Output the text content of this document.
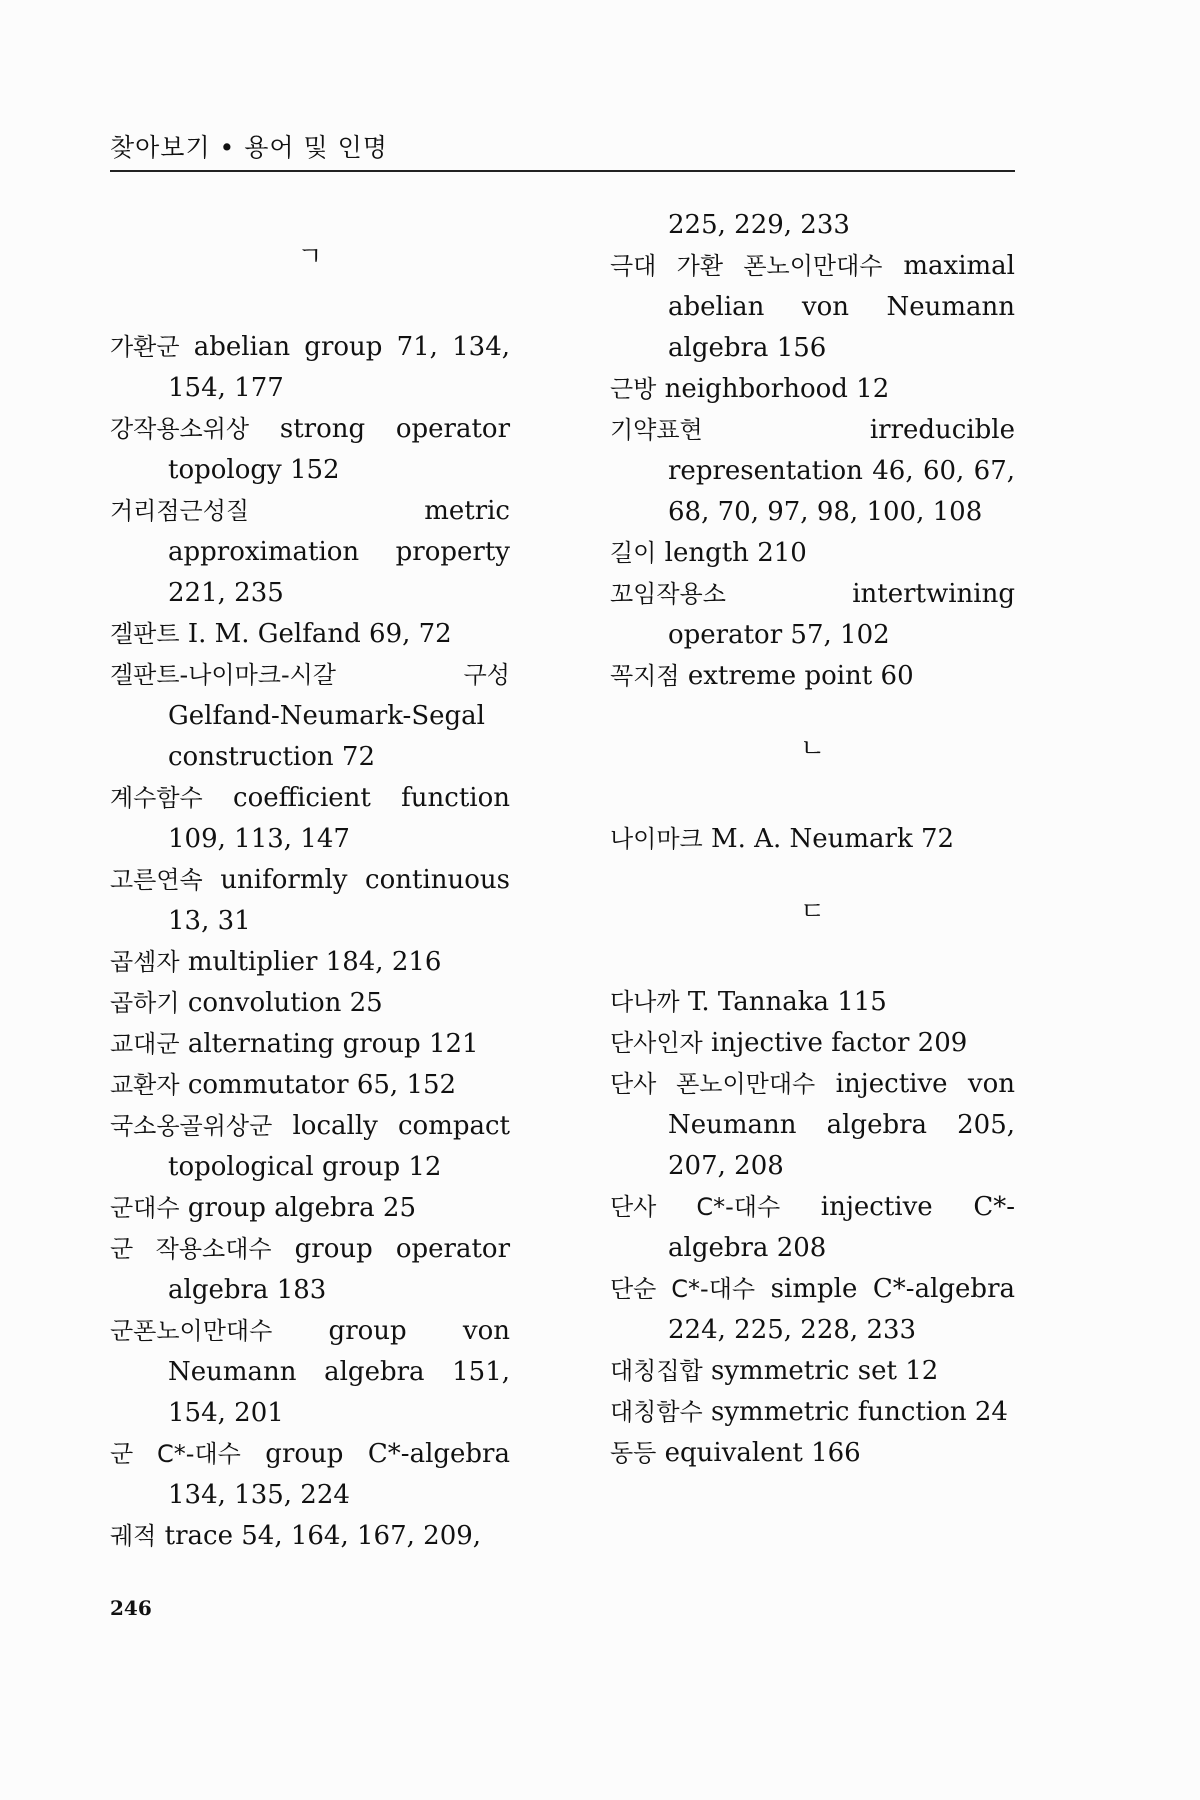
찾아보기 • 용어 및 인명
ㄱ
가환군 abelian group 71, 134, 154, 177
강작용소위상 strong operator topology 152
거리점근성질	metric approximation property 221, 235
겔판트 I. M. Gelfand 69, 72
겔판트-나이마크-시갈 구성 Gelfand-Neumark-Segal construction 72
계수함수 coefficient function 109, 113, 147
고른연속 uniformly continuous 13, 31
곱셈자 multiplier 184, 216
곱하기 convolution 25
교대군 alternating group 121
교환자 commutator 65, 152
국소옹골위상군 locally compact topological group 12
군대수 group algebra 25
군 작용소대수 group operator algebra 183
군폰노이만대수 group von Neumann algebra 151, 154, 201
군 C*-대수 group C*-algebra 134, 135, 224
궤적 trace 54, 164, 167, 209,
225, 229, 233
극대 가환 폰노이만대수 maximal abelian von Neumann algebra 156
근방 neighborhood 12
기약표현	irreducible representation 46, 60, 67, 68, 70, 97, 98, 100, 108
길이 length 210
꼬임작용소	intertwining operator 57, 102
꼭지점 extreme point 60
ㄴ
나이마크 M. A. Neumark 72
ㄷ
다나까 T. Tannaka 115
단사인자 injective factor 209
단사 폰노이만대수 injective von Neumann algebra 205, 207, 208
단사 C*-대수 injective C*-algebra 208
단순 C*-대수 simple C*-algebra 224, 225, 228, 233
대칭집합 symmetric set 12
대칭함수 symmetric function 24
동등 equivalent 166
246
